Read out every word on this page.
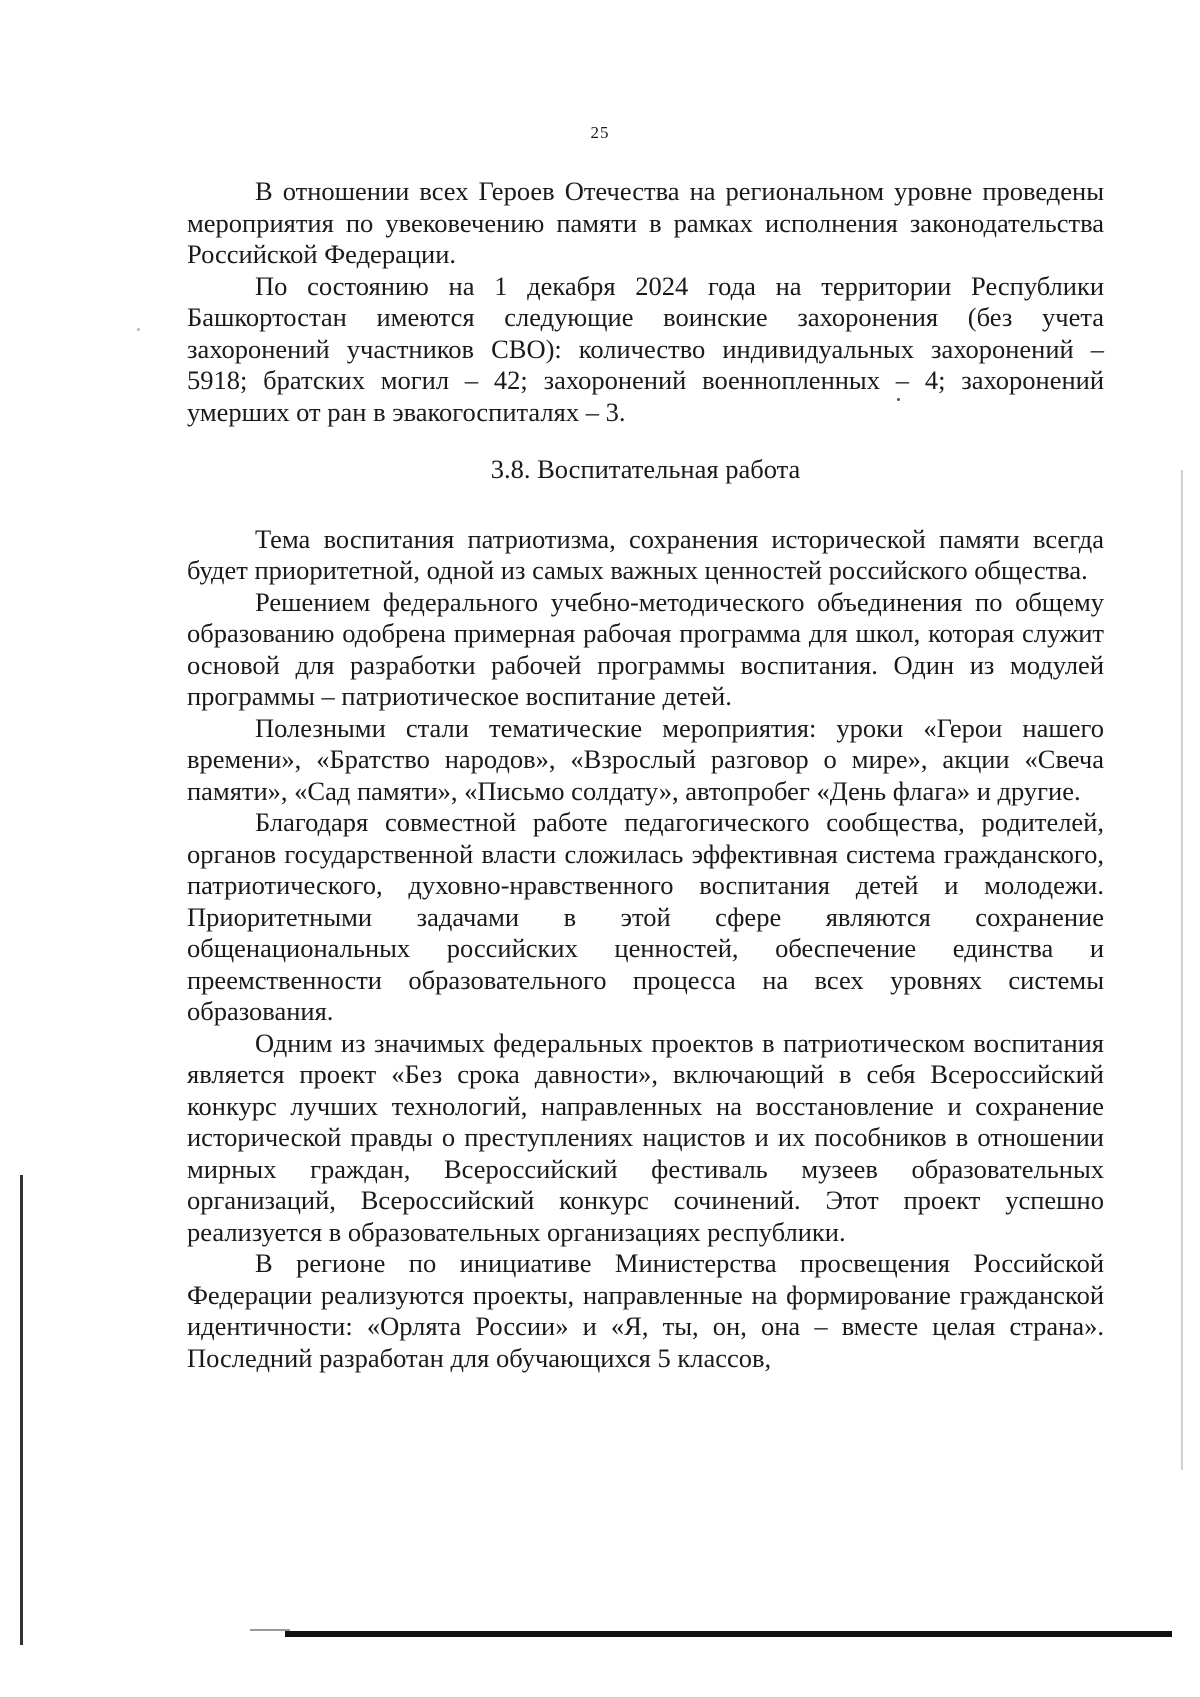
25

В отношении всех Героев Отечества на региональном уровне проведены мероприятия по увековечению памяти в рамках исполнения законодательства Российской Федерации.

По состоянию на 1 декабря 2024 года на территории Республики Башкортостан имеются следующие воинские захоронения (без учета захоронений участников СВО): количество индивидуальных захоронений – 5918; братских могил – 42; захоронений военнопленных – 4; захоронений умерших от ран в эвакогоспиталях – 3.

3.8. Воспитательная работа

Тема воспитания патриотизма, сохранения исторической памяти всегда будет приоритетной, одной из самых важных ценностей российского общества.

Решением федерального учебно-методического объединения по общему образованию одобрена примерная рабочая программа для школ, которая служит основой для разработки рабочей программы воспитания. Один из модулей программы – патриотическое воспитание детей.

Полезными стали тематические мероприятия: уроки «Герои нашего времени», «Братство народов», «Взрослый разговор о мире», акции «Свеча памяти», «Сад памяти», «Письмо солдату», автопробег «День флага» и другие.

Благодаря совместной работе педагогического сообщества, родителей, органов государственной власти сложилась эффективная система гражданского, патриотического, духовно-нравственного воспитания детей и молодежи. Приоритетными задачами в этой сфере являются сохранение общенациональных российских ценностей, обеспечение единства и преемственности образовательного процесса на всех уровнях системы образования.

Одним из значимых федеральных проектов в патриотическом воспитания является проект «Без срока давности», включающий в себя Всероссийский конкурс лучших технологий, направленных на восстановление и сохранение исторической правды о преступлениях нацистов и их пособников в отношении мирных граждан, Всероссийский фестиваль музеев образовательных организаций, Всероссийский конкурс сочинений. Этот проект успешно реализуется в образовательных организациях республики.

В регионе по инициативе Министерства просвещения Российской Федерации реализуются проекты, направленные на формирование гражданской идентичности: «Орлята России» и «Я, ты, он, она – вместе целая страна». Последний разработан для обучающихся 5 классов,
